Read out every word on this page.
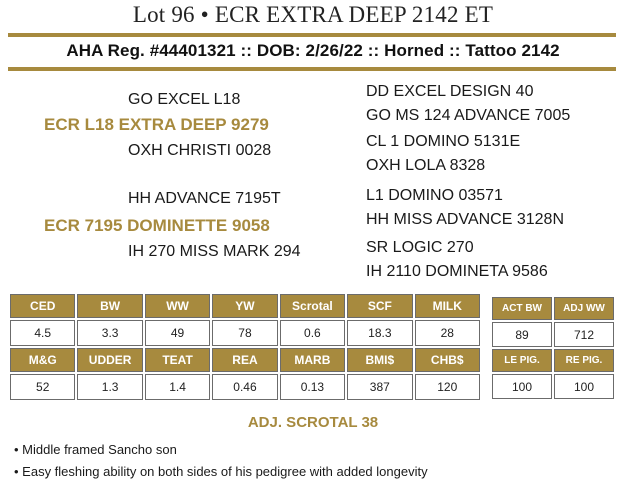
Lot 96 • ECR EXTRA DEEP 2142 ET
AHA Reg. #44401321 :: DOB: 2/26/22 :: Horned :: Tattoo 2142
GO EXCEL L18
ECR L18 EXTRA DEEP 9279
OXH CHRISTI 0028
HH ADVANCE 7195T
ECR 7195 DOMINETTE 9058
IH 270 MISS MARK 294
DD EXCEL DESIGN 40
GO MS 124 ADVANCE 7005
CL 1 DOMINO 5131E
OXH LOLA 8328
L1 DOMINO 03571
HH MISS ADVANCE 3128N
SR LOGIC 270
IH 2110 DOMINETA 9586
CED	BW	WW	YW	Scrotal	SCF	MILK
4.5	3.3	49	78	0.6	18.3	28
M&G	UDDER	TEAT	REA	MARB	BMI$	CHB$
52	1.3	1.4	0.46	0.13	387	120
ACT BW	ADJ WW
89	712
LE PIG.	RE PIG.
100	100
ADJ. SCROTAL 38
• Middle framed Sancho son
• Easy fleshing ability on both sides of his pedigree with added longevity
